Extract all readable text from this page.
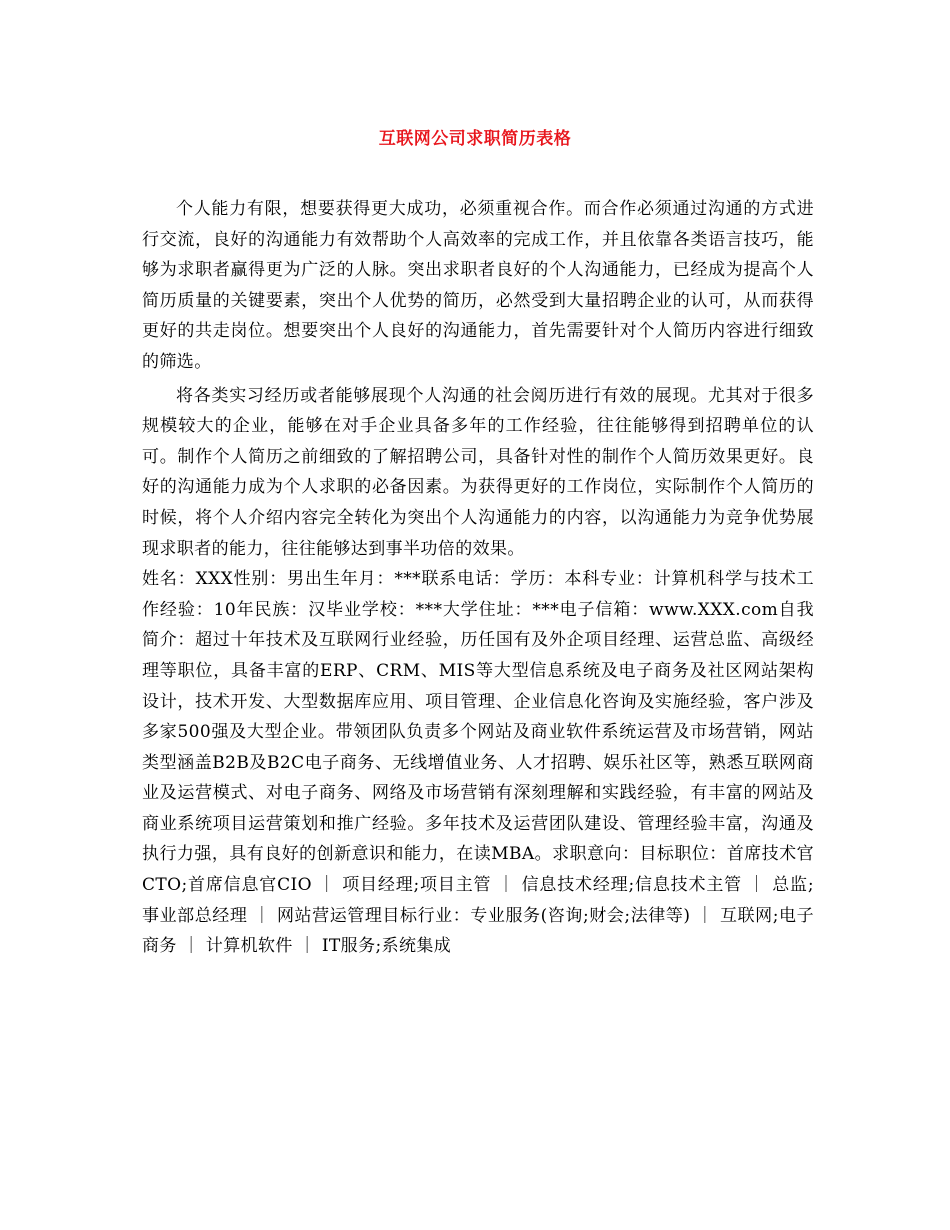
互联网公司求职简历表格

个人能力有限，想要获得更大成功，必须重视合作。而合作必须通过沟通的方式进行交流，良好的沟通能力有效帮助个人高效率的完成工作，并且依靠各类语言技巧，能够为求职者赢得更为广泛的人脉。突出求职者良好的个人沟通能力，已经成为提高个人简历质量的关键要素，突出个人优势的简历，必然受到大量招聘企业的认可，从而获得更好的共走岗位。想要突出个人良好的沟通能力，首先需要针对个人简历内容进行细致的筛选。

将各类实习经历或者能够展现个人沟通的社会阅历进行有效的展现。尤其对于很多规模较大的企业，能够在对手企业具备多年的工作经验，往往能够得到招聘单位的认可。制作个人简历之前细致的了解招聘公司，具备针对性的制作个人简历效果更好。良好的沟通能力成为个人求职的必备因素。为获得更好的工作岗位，实际制作个人简历的时候，将个人介绍内容完全转化为突出个人沟通能力的内容，以沟通能力为竞争优势展现求职者的能力，往往能够达到事半功倍的效果。

姓名：XXX性别：男出生年月：***联系电话：学历：本科专业：计算机科学与技术工作经验：10年民族：汉毕业学校：***大学住址：***电子信箱：www.XXX.com自我简介：超过十年技术及互联网行业经验，历任国有及外企项目经理、运营总监、高级经理等职位，具备丰富的ERP、CRM、MIS等大型信息系统及电子商务及社区网站架构设计，技术开发、大型数据库应用、项目管理、企业信息化咨询及实施经验，客户涉及多家500强及大型企业。带领团队负责多个网站及商业软件系统运营及市场营销，网站类型涵盖B2B及B2C电子商务、无线增值业务、人才招聘、娱乐社区等，熟悉互联网商业及运营模式、对电子商务、网络及市场营销有深刻理解和实践经验，有丰富的网站及商业系统项目运营策划和推广经验。多年技术及运营团队建设、管理经验丰富，沟通及执行力强，具有良好的创新意识和能力，在读MBA。求职意向：目标职位：首席技术官CTO;首席信息官CIO ｜ 项目经理;项目主管 ｜ 信息技术经理;信息技术主管 ｜ 总监;事业部总经理 ｜ 网站营运管理目标行业：专业服务(咨询;财会;法律等) ｜ 互联网;电子商务 ｜ 计算机软件 ｜ IT服务;系统集成
